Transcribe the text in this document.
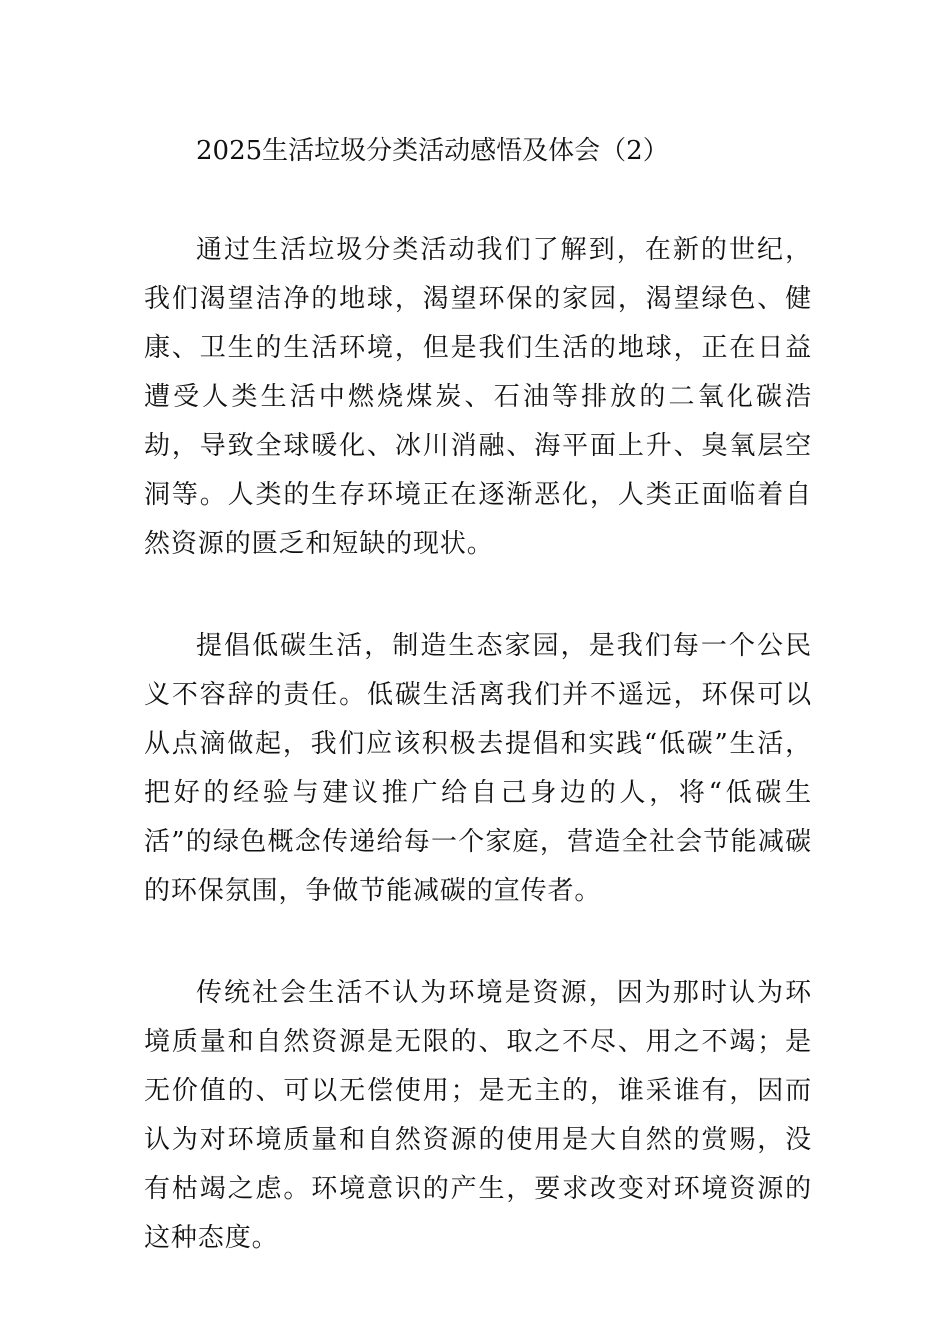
2025生活垃圾分类活动感悟及体会（2）

通过生活垃圾分类活动我们了解到，在新的世纪，我们渴望洁净的地球，渴望环保的家园，渴望绿色、健康、卫生的生活环境，但是我们生活的地球，正在日益遭受人类生活中燃烧煤炭、石油等排放的二氧化碳浩劫，导致全球暖化、冰川消融、海平面上升、臭氧层空洞等。人类的生存环境正在逐渐恶化，人类正面临着自然资源的匮乏和短缺的现状。

提倡低碳生活，制造生态家园，是我们每一个公民义不容辞的责任。低碳生活离我们并不遥远，环保可以从点滴做起，我们应该积极去提倡和实践“低碳”生活，把好的经验与建议推广给自己身边的人，将“低碳生活”的绿色概念传递给每一个家庭，营造全社会节能减碳的环保氛围，争做节能减碳的宣传者。

传统社会生活不认为环境是资源，因为那时认为环境质量和自然资源是无限的、取之不尽、用之不竭；是无价值的、可以无偿使用；是无主的，谁采谁有，因而认为对环境质量和自然资源的使用是大自然的赏赐，没有枯竭之虑。环境意识的产生，要求改变对环境资源的这种态度。
